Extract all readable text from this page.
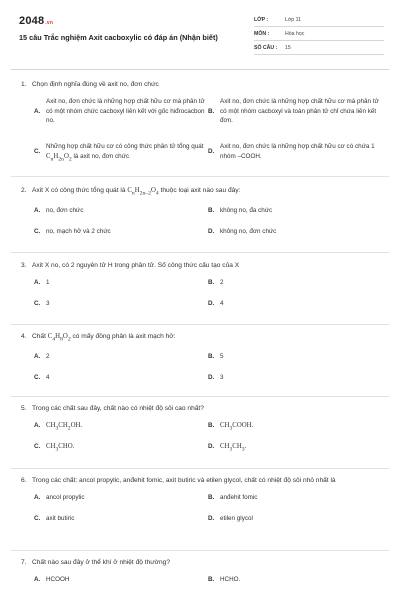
2048.vn
15 câu Trắc nghiệm Axit cacboxylic có đáp án (Nhận biết)
LỚP :	Lớp 11
MÔN :	Hóa học
SỐ CÂU : 15
1. Chọn định nghĩa đúng về axit no, đơn chức
A.
Axit no, đơn chức là những hợp chất hữu cơ mà phân tử có một nhóm chức cacboxyl liên kết với gốc hiđrocacbon no.
B.
Axit no, đơn chức là những hợp chất hữu cơ mà phân tử có một nhóm cacboxyl và toàn phân tử chỉ chứa liên kết đơn.
C.
Những hợp chất hữu cơ có công thức phân tử tổng quát $C_nH_{2n}O_2$ là axit no, đơn chức
D.
Axit no, đơn chức là những hợp chất hữu cơ có chứa 1 nhóm –COOH.
2. Axit X có công thức tổng quát là $C_nH_{2n-2}O_4$ thuộc loại axit nào sau đây:
A. no, đơn chức	B. không no, đa chức
C. no, mạch hở và 2 chức	D. không no, đơn chức
3. Axit X no, có 2 nguyên tử H trong phân tử. Số công thức cấu tạo của X
A. 1	B. 2
C. 3	D. 4
4. Chất $C_4H_8O_2$ có mấy đồng phân là axit mạch hở:
A. 2	B. 5
C. 4	D. 3
5. Trong các chất sau đây, chất nào có nhiệt độ sôi cao nhất?
A. $CH_3CH_2OH$.	B. $CH_3COOH$.
C. $CH_3CHO$.	D. $CH_3CH_3$.
6. Trong các chất: ancol propylic, anđehit fomic, axit butiric và etilen glycol, chất có nhiệt độ sôi nhỏ nhất là
A. ancol propylic	B. anđehit fomic
C. axit butiric	D. etilen glycol
7. Chất nào sau đây ở thể khí ở nhiệt độ thường?
A. HCOOH	B. HCHO.
